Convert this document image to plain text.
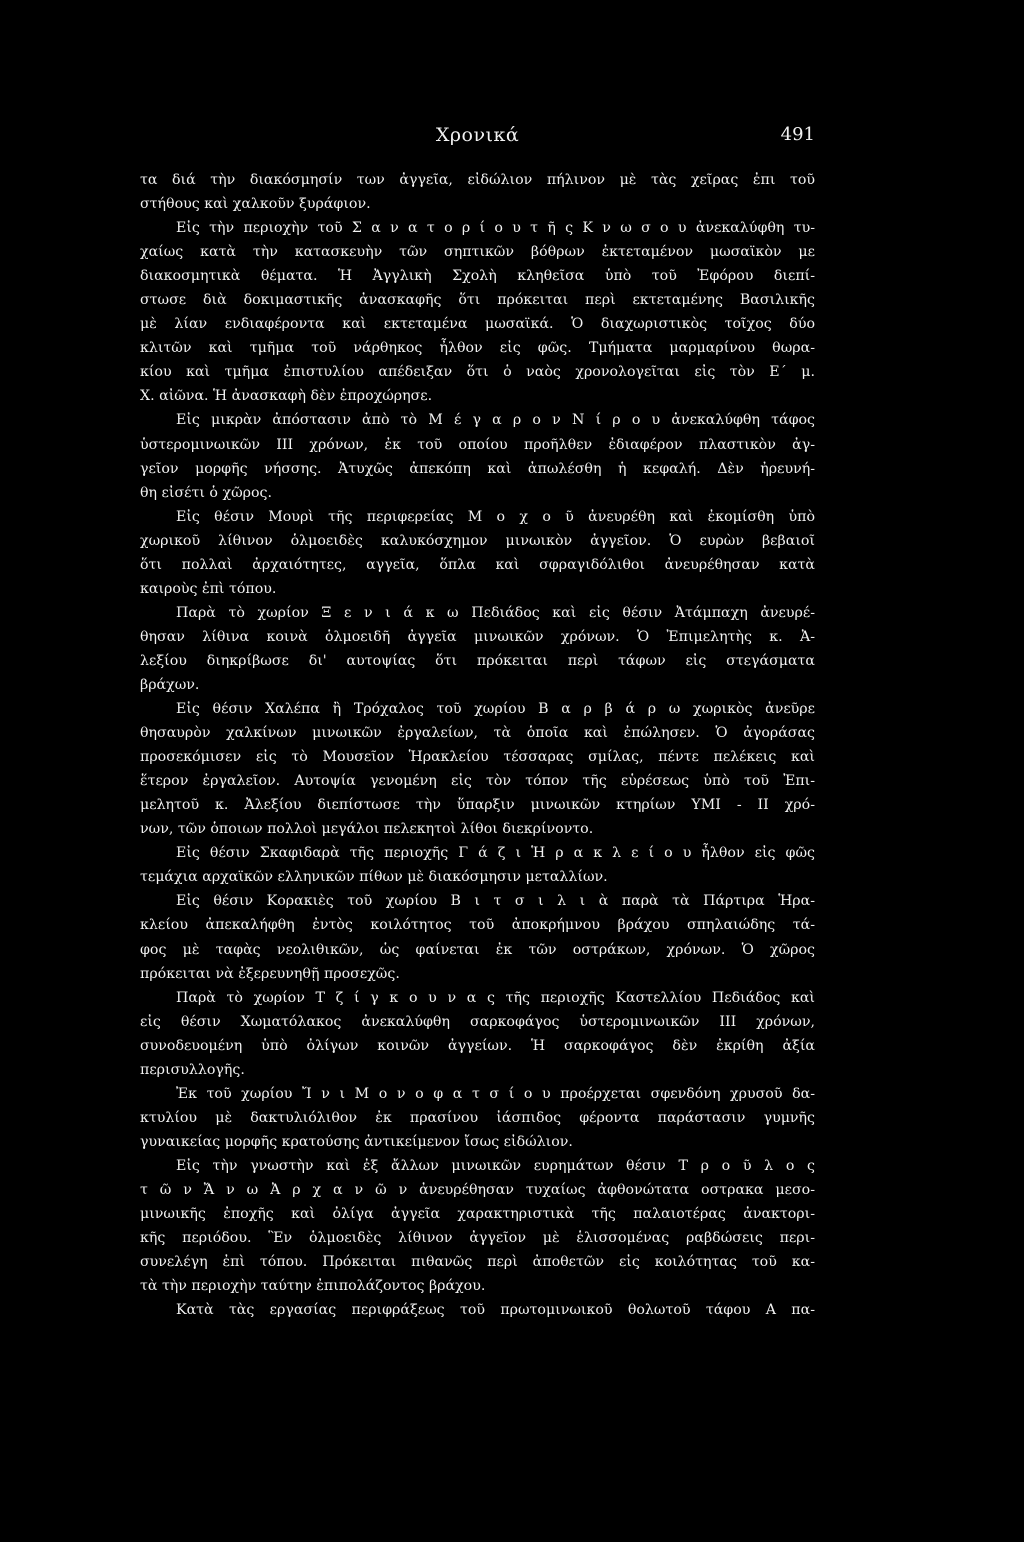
Χρονικά	491
τα διά τὴν διακόσμησίν των ἀγγεῖα, εἰδώλιον πήλινον μὲ τὰς χεῖρας ἐπι τοῦ
στήθους καὶ χαλκοῦν ξυράφιον.
Εἰς τὴν περιοχὴν τοῦ Σ α ν α τ ο ρ ί ο υ τ ῆ ς Κ ν ω σ ο υ ἀνεκαλύφθη τυ-
χαίως κατὰ τὴν κατασκευὴν τῶν σηπτικῶν βόθρων ἐκτεταμένον μωσαϊκὸν με
διακοσμητικὰ θέματα. Ἡ Ἀγγλικὴ Σχολὴ κληθεῖσα ὑπὸ τοῦ Ἐφόρου διεπί-
στωσε διὰ δοκιμαστικῆς ἀνασκαφῆς ὅτι πρόκειται περὶ εκτεταμένης Βασιλικῆς
μὲ λίαν ενδιαφέροντα καὶ εκτεταμένα μωσαϊκά. Ὁ διαχωριστικὸς τοῖχος δύο
κλιτῶν καὶ τμῆμα τοῦ νάρθηκος ἦλθον εἰς φῶς. Τμήματα μαρμαρίνου θωρα-
κίου καὶ τμῆμα ἐπιστυλίου απέδειξαν ὅτι ὁ ναὸς χρονολογεῖται εἰς τὸν Ε΄ μ.
Χ. αἰῶνα. Ἡ ἀνασκαφὴ δὲν ἐπροχώρησε.
Εἰς μικρὰν ἀπόστασιν ἀπὸ τὸ Μ έ γ α ρ ο ν Ν ί ρ ο υ ἀνεκαλύφθη τάφος
ὑστερομινωικῶν ΙΙΙ χρόνων, ἐκ τοῦ οποίου προῆλθεν ἐδιαφέρον πλαστικὸν ἀγ-
γεῖον μορφῆς νήσσης. Ἀτυχῶς ἀπεκόπη καὶ ἀπωλέσθη ἡ κεφαλή. Δὲν ἠρευνή-
θη εἰσέτι ὁ χῶρος.
Εἰς θέσιν Μουρὶ τῆς περιφερείας Μ ο χ ο ῦ ἀνευρέθη καὶ ἐκομίσθη ὑπὸ
χωρικοῦ λίθινον ὁλμοειδὲς καλυκόσχημον μινωικὸν ἀγγεῖον. Ὁ ευρὼν βεβαιοῖ
ὅτι πολλαὶ ἀρχαιότητες, αγγεῖα, ὅπλα καὶ σφραγιδόλιθοι ἀνευρέθησαν κατὰ
καιροὺς ἐπὶ τόπου.
Παρὰ τὸ χωρίον Ξ ε ν ι ά κ ω Πεδιάδος καὶ εἰς θέσιν Ἀτάμπαχη ἀνευρέ-
θησαν λίθινα κοινὰ ὁλμοειδῆ ἀγγεῖα μινωικῶν χρόνων. Ὁ Ἐπιμελητὴς κ. Ἀ-
λεξίου διηκρίβωσε δι' αυτοψίας ὅτι πρόκειται περὶ τάφων εἰς στεγάσματα
βράχων.
Εἰς θέσιν Χαλέπα ἢ Τρόχαλος τοῦ χωρίου Β α ρ β ά ρ ω χωρικὸς ἀνεῦρε
θησαυρὸν χαλκίνων μινωικῶν ἐργαλείων, τὰ ὁποῖα καὶ ἐπώλησεν. Ὁ ἀγοράσας
προσεκόμισεν εἰς τὸ Μουσεῖον Ἡρακλείου τέσσαρας σμίλας, πέντε πελέκεις καὶ
ἕτερον ἐργαλεῖον. Αυτοψία γενομένη εἰς τὸν τόπον τῆς εὑρέσεως ὑπὸ τοῦ Ἐπι-
μελητοῦ κ. Ἀλεξίου διεπίστωσε τὴν ὕπαρξιν μινωικῶν κτηρίων ΥΜΙ - ΙΙ χρό-
νων, τῶν ὁποιων πολλοὶ μεγάλοι πελεκητοὶ λίθοι διεκρίνοντο.
Εἰς θέσιν Σκαφιδαρὰ τῆς περιοχῆς Γ ά ζ ι Ἡ ρ α κ λ ε ί ο υ ἦλθον εἰς φῶς
τεμάχια αρχαϊκῶν ελληνικῶν πίθων μὲ διακόσμησιν μεταλλίων.
Εἰς θέσιν Κορακιὲς τοῦ χωρίου Β ι τ σ ι λ ι ὰ παρὰ τὰ Πάρτιρα Ἡρα-
κλείου ἀπεκαλήφθη ἐντὸς κοιλότητος τοῦ ἀποκρήμνου βράχου σπηλαιώδης τά-
φος μὲ ταφὰς νεολιθικῶν, ὡς φαίνεται ἐκ τῶν οστράκων, χρόνων. Ὁ χῶρος
πρόκειται νὰ ἐξερευνηθῇ προσεχῶς.
Παρὰ τὸ χωρίον Τ ζ ί γ κ ο υ ν α ς τῆς περιοχῆς Καστελλίου Πεδιάδος καὶ
εἰς θέσιν Χωματόλακος ἀνεκαλύφθη σαρκοφάγος ὑστερομινωικῶν ΙΙΙ χρόνων,
συνοδευομένη ὑπὸ ὀλίγων κοινῶν ἀγγείων. Ἡ σαρκοφάγος δὲν ἐκρίθη ἀξία
περισυλλογῆς.
Ἐκ τοῦ χωρίου Ἴ ν ι Μ ο ν ο φ α τ σ ί ο υ προέρχεται σφενδόνη χρυσοῦ δα-
κτυλίου μὲ δακτυλιόλιθον ἐκ πρασίνου ἰάσπιδος φέροντα παράστασιν γυμνῆς
γυναικείας μορφῆς κρατούσης ἀντικείμενον ἴσως εἰδώλιον.
Εἰς τὴν γνωστὴν καὶ ἐξ ἄλλων μινωικῶν ευρημάτων θέσιν Τ ρ ο ῦ λ ο ς
τ ῶ ν Ἄ ν ω Ἀ ρ χ α ν ῶ ν ἀνευρέθησαν τυχαίως ἀφθονώτατα οστρακα μεσο-
μινωικῆς ἐποχῆς καὶ ὀλίγα ἀγγεῖα χαρακτηριστικὰ τῆς παλαιοτέρας ἀνακτορι-
κῆς περιόδου. Ἓν ὁλμοειδὲς λίθινον ἀγγεῖον μὲ ἑλισσομένας ραβδώσεις περι-
συνελέγη ἐπὶ τόπου. Πρόκειται πιθανῶς περὶ ἀποθετῶν εἰς κοιλότητας τοῦ κα-
τὰ τὴν περιοχὴν ταύτην ἐπιπολάζοντος βράχου.
Κατὰ τὰς εργασίας περιφράξεως τοῦ πρωτομινωικοῦ θολωτοῦ τάφου Α πα-
